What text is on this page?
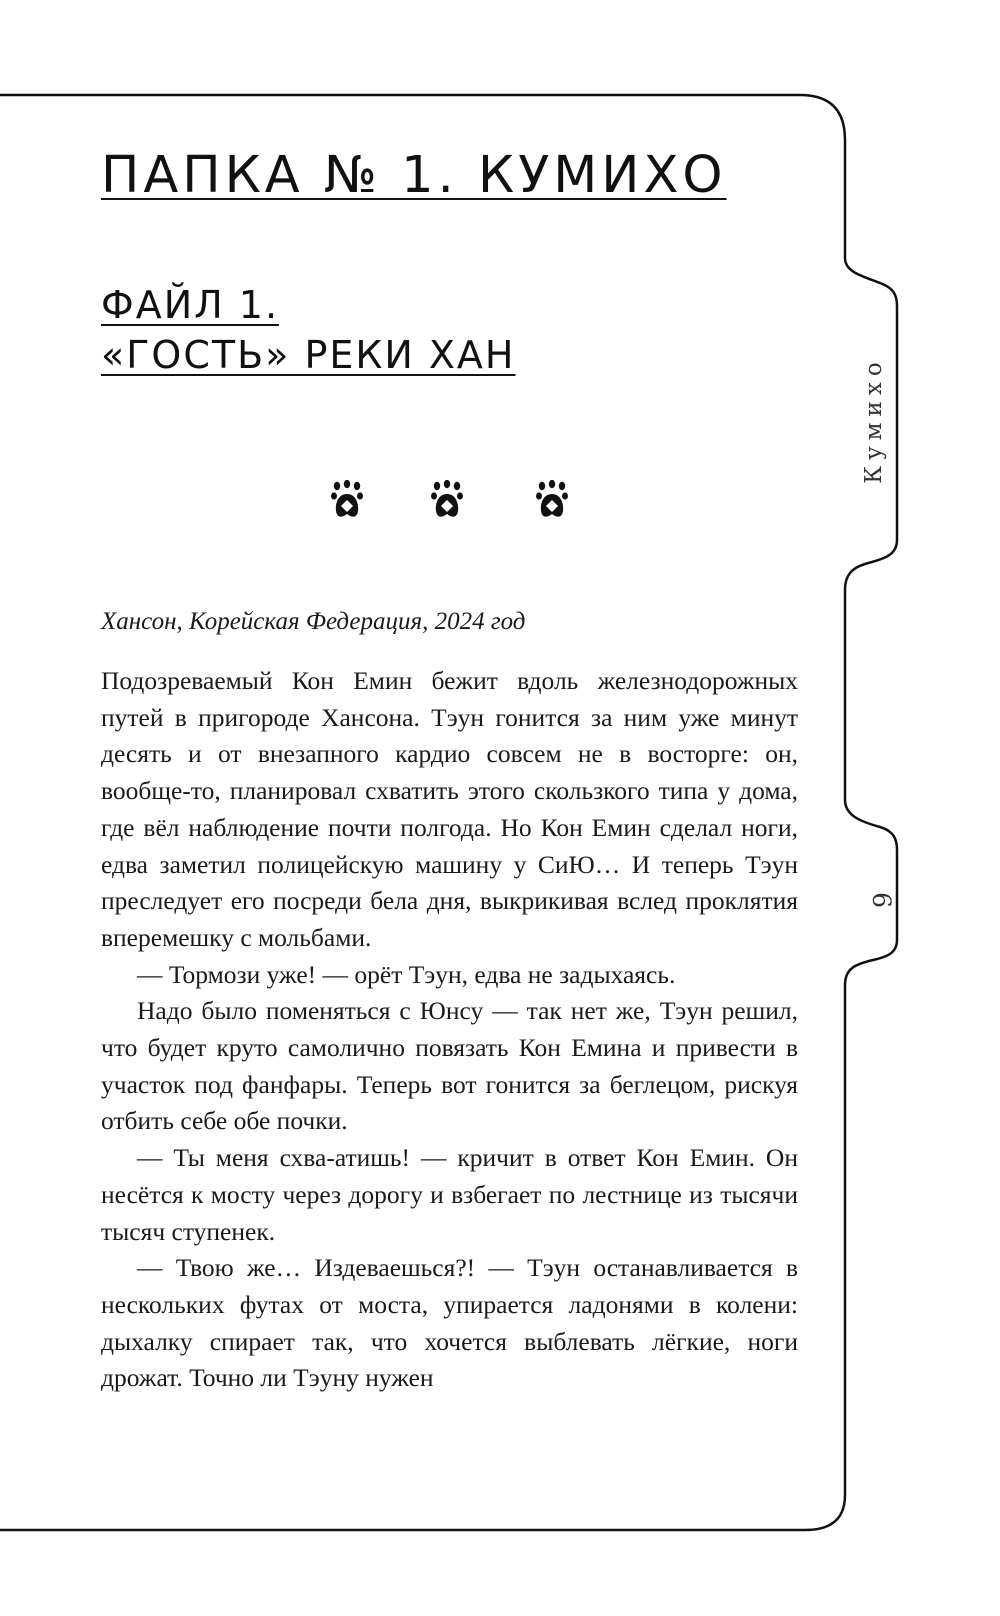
ПАПКА № 1. КУМИХО
ФАЙЛ 1.
«ГОСТЬ» РЕКИ ХАН
Кумихо
9
Хансон, Корейская Федерация, 2024 год

Подозреваемый Кон Емин бежит вдоль железнодорожных путей в пригороде Хансона. Тэун гонится за ним уже минут десять и от внезапного кардио совсем не в восторге: он, вообще-то, планировал схватить этого скользкого типа у дома, где вёл наблюдение почти полгода. Но Кон Емин сделал ноги, едва заметил полицейскую машину у СиЮ… И теперь Тэун преследует его посреди бела дня, выкрикивая вслед проклятия вперемешку с мольбами.

— Тормози уже! — орёт Тэун, едва не задыхаясь.

Надо было поменяться с Юнсу — так нет же, Тэун решил, что будет круто самолично повязать Кон Емина и привести в участок под фанфары. Теперь вот гонится за беглецом, рискуя отбить себе обе почки.

— Ты меня схва-атишь! — кричит в ответ Кон Емин. Он несётся к мосту через дорогу и взбегает по лестнице из тысячи тысяч ступенек.

— Твою же… Издеваешься?! — Тэун останавливается в нескольких футах от моста, упирается ладонями в колени: дыхалку спирает так, что хочется выблевать лёгкие, ноги дрожат. Точно ли Тэуну нужен
